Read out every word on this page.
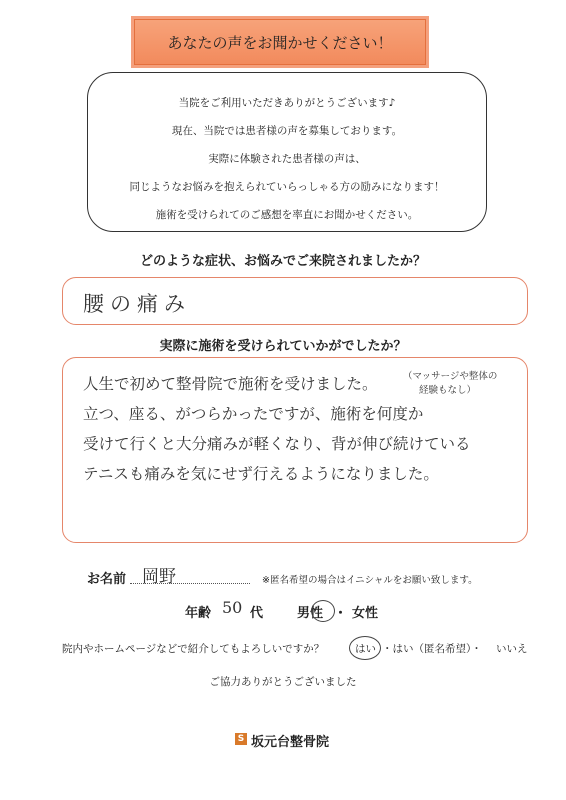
あなたの声をお聞かせください！
当院をご利用いただきありがとうございます♪
現在、当院では患者様の声を募集しております。
実際に体験された患者様の声は、
同じようなお悩みを抱えられていらっしゃる方の励みになります！
施術を受けられてのご感想を率直にお聞かせください。
どのような症状、お悩みでご来院されましたか？
腰の痛み
実際に施術を受けられていかがでしたか？
人生で初めて整骨院で施術を受けました。	（マッサージや整体の
経験もなし）
立つ、座る、がつらかったですが、施術を何度か
受けて行くと大分痛みが軽くなり、背が伸び続けている
テニスも痛みを気にせず行えるようになりました。
お名前 岡野	※匿名希望の場合はイニシャルをお願い致します。
年齢 50 代	男性 ・ 女性
院内やホームページなどで紹介してもよろしいですか？	はい ・はい（匿名希望）・ いいえ
ご協力ありがとうございました
S 坂元台整骨院
